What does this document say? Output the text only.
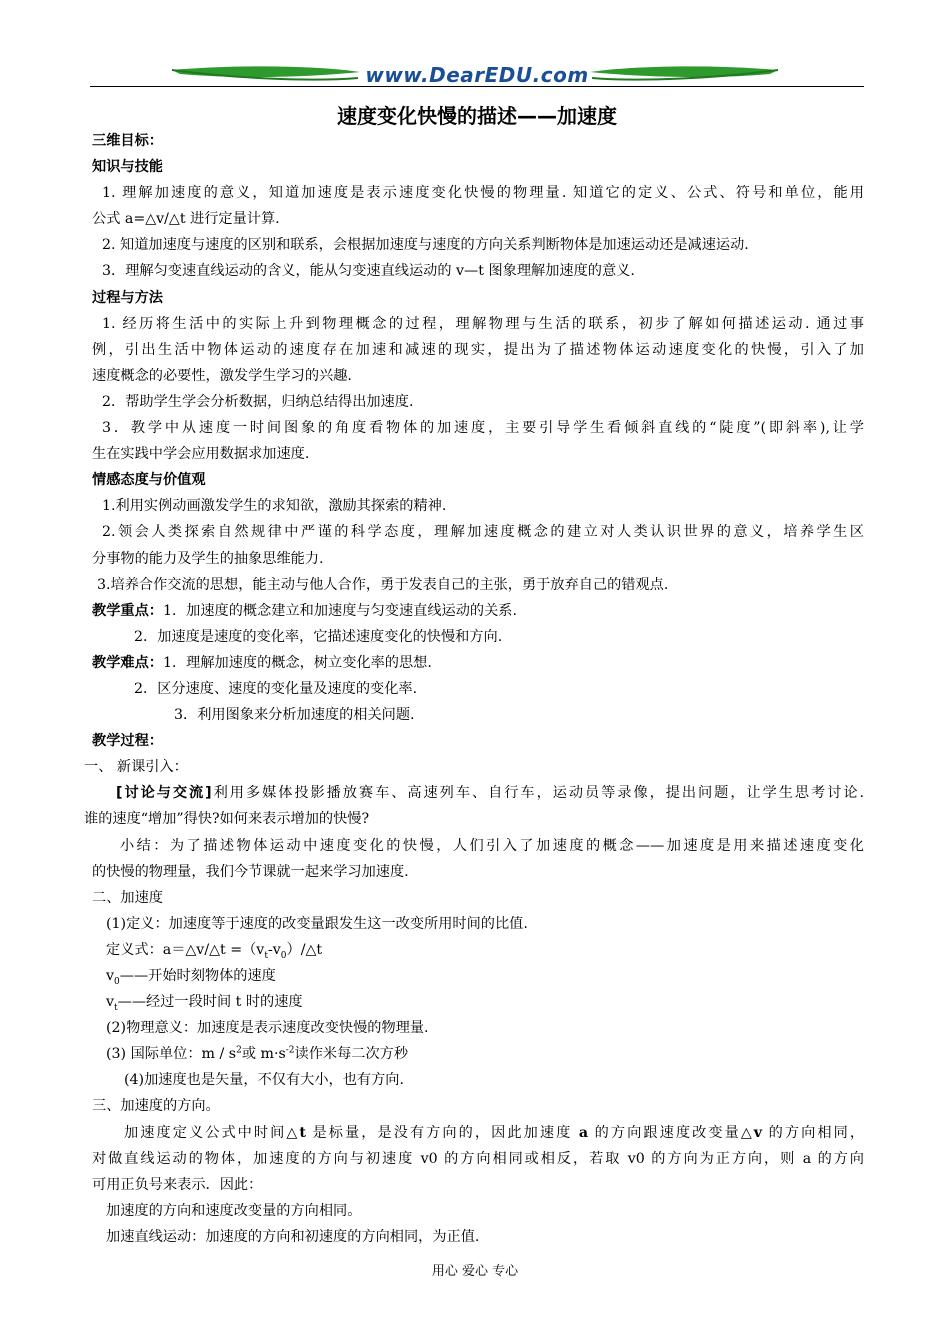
www.DearEDU.com
速度变化快慢的描述——加速度
三维目标：
知识与技能
1. 理解加速度的意义，知道加速度是表示速度变化快慢的物理量. 知道它的定义、公式、符号和单位，能用
公式 a=△v/△t 进行定量计算.
2. 知道加速度与速度的区别和联系，会根据加速度与速度的方向关系判断物体是加速运动还是减速运动.
3．理解匀变速直线运动的含义，能从匀变速直线运动的 v—t 图象理解加速度的意义.
过程与方法
1. 经历将生活中的实际上升到物理概念的过程，理解物理与生活的联系，初步了解如何描述运动. 通过事
例，引出生活中物体运动的速度存在加速和减速的现实，提出为了描述物体运动速度变化的快慢，引入了加
速度概念的必要性，激发学生学习的兴趣.
2．帮助学生学会分析数据，归纳总结得出加速度.
3．教学中从速度一时间图象的角度看物体的加速度，主要引导学生看倾斜直线的“陡度”(即斜率),让学
生在实践中学会应用数据求加速度.
情感态度与价值观
1.利用实例动画激发学生的求知欲，激励其探索的精神.
2.领会人类探索自然规律中严谨的科学态度，理解加速度概念的建立对人类认识世界的意义，培养学生区
分事物的能力及学生的抽象思维能力.
3.培养合作交流的思想，能主动与他人合作，勇于发表自己的主张，勇于放弃自己的错观点.
教学重点：1．加速度的概念建立和加速度与匀变速直线运动的关系.
2．加速度是速度的变化率，它描述速度变化的快慢和方向.
教学难点：1．理解加速度的概念，树立变化率的思想.
2．区分速度、速度的变化量及速度的变化率.
3．利用图象来分析加速度的相关问题.
教学过程：
一、 新课引入：
[讨论与交流]利用多媒体投影播放赛车、高速列车、自行车，运动员等录像，提出问题，让学生思考讨论.
谁的速度“增加”得快?如何来表示增加的快慢?
小结：为了描述物体运动中速度变化的快慢，人们引入了加速度的概念——加速度是用来描述速度变化
的快慢的物理量，我们今节课就一起来学习加速度.
二、加速度
(1)定义：加速度等于速度的改变量跟发生这一改变所用时间的比值.
定义式：a＝△v/△t $=(v_t-v_0)/\triangle t$
$v_0——$开始时刻物体的速度
$v_t——$经过一段时间 t 时的速度
(2)物理意义：加速度是表示速度改变快慢的物理量.
(3) 国际单位：m / $s^2$或 $m\cdot s^{-2}$读作米每二次方秒
(4)加速度也是矢量，不仅有大小，也有方向.
三、加速度的方向。
加速度定义公式中时间△t 是标量，是没有方向的，因此加速度 a 的方向跟速度改变量△v 的方向相同，
对做直线运动的物体，加速度的方向与初速度 v0 的方向相同或相反，若取 v0 的方向为正方向，则 a 的方向
可用正负号来表示．因此：
加速度的方向和速度改变量的方向相同。
加速直线运动：加速度的方向和初速度的方向相同，为正值.
用心 爱心 专心
